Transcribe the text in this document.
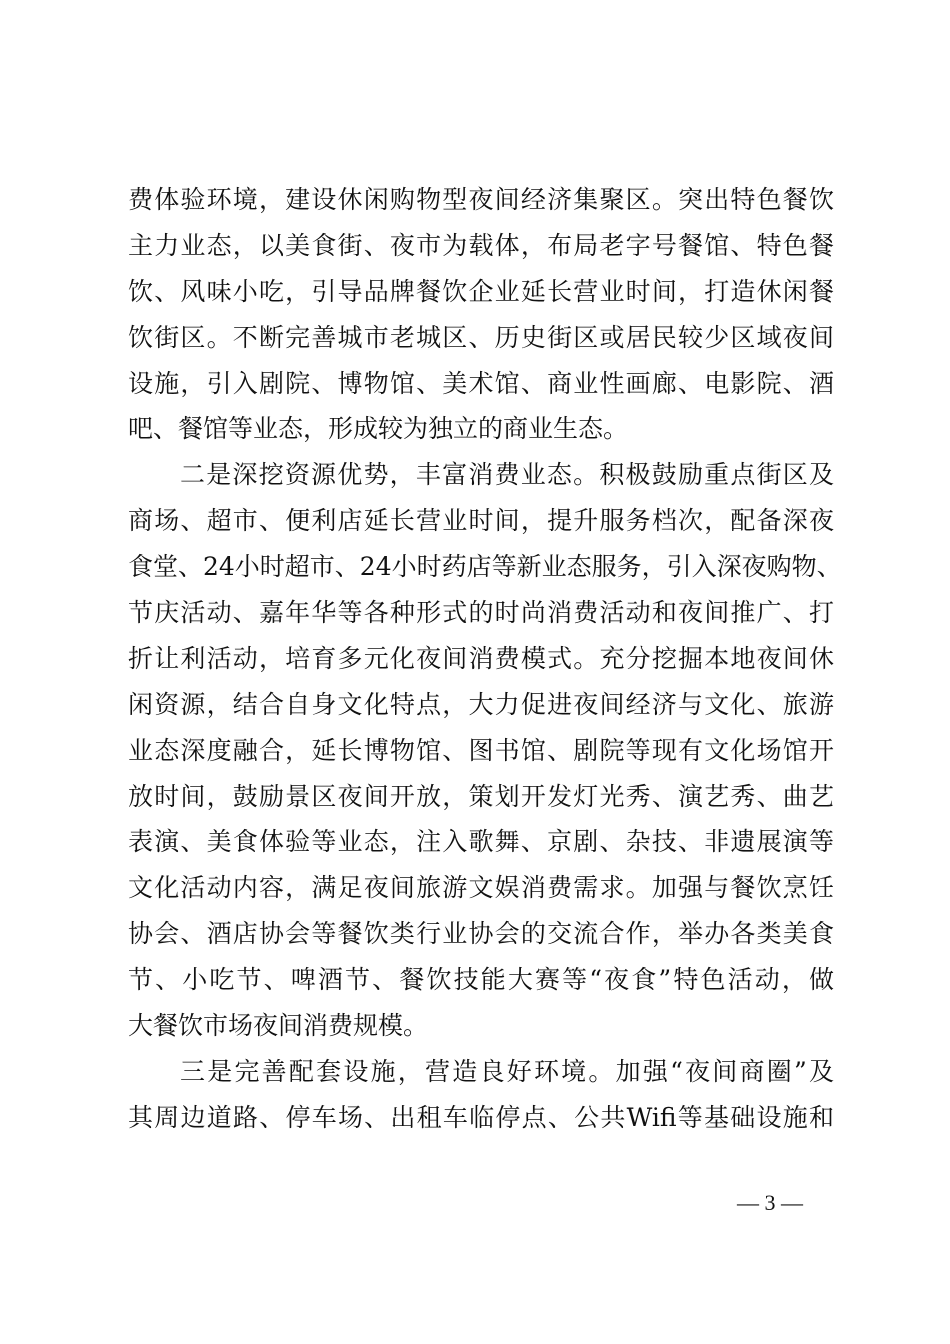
费体验环境，建设休闲购物型夜间经济集聚区。突出特色餐饮
主力业态，以美食街、夜市为载体，布局老字号餐馆、特色餐
饮、风味小吃，引导品牌餐饮企业延长营业时间，打造休闲餐
饮街区。不断完善城市老城区、历史街区或居民较少区域夜间
设施，引入剧院、博物馆、美术馆、商业性画廊、电影院、酒
吧、餐馆等业态，形成较为独立的商业生态。
二是深挖资源优势，丰富消费业态。积极鼓励重点街区及
商场、超市、便利店延长营业时间，提升服务档次，配备深夜
食堂、24小时超市、24小时药店等新业态服务，引入深夜购物、
节庆活动、嘉年华等各种形式的时尚消费活动和夜间推广、打
折让利活动，培育多元化夜间消费模式。充分挖掘本地夜间休
闲资源，结合自身文化特点，大力促进夜间经济与文化、旅游
业态深度融合，延长博物馆、图书馆、剧院等现有文化场馆开
放时间，鼓励景区夜间开放，策划开发灯光秀、演艺秀、曲艺
表演、美食体验等业态，注入歌舞、京剧、杂技、非遗展演等
文化活动内容，满足夜间旅游文娱消费需求。加强与餐饮烹饪
协会、酒店协会等餐饮类行业协会的交流合作，举办各类美食
节、小吃节、啤酒节、餐饮技能大赛等“夜食”特色活动，做
大餐饮市场夜间消费规模。
三是完善配套设施，营造良好环境。加强“夜间商圈”及
其周边道路、停车场、出租车临停点、公共Wifi等基础设施和
— 3 —
